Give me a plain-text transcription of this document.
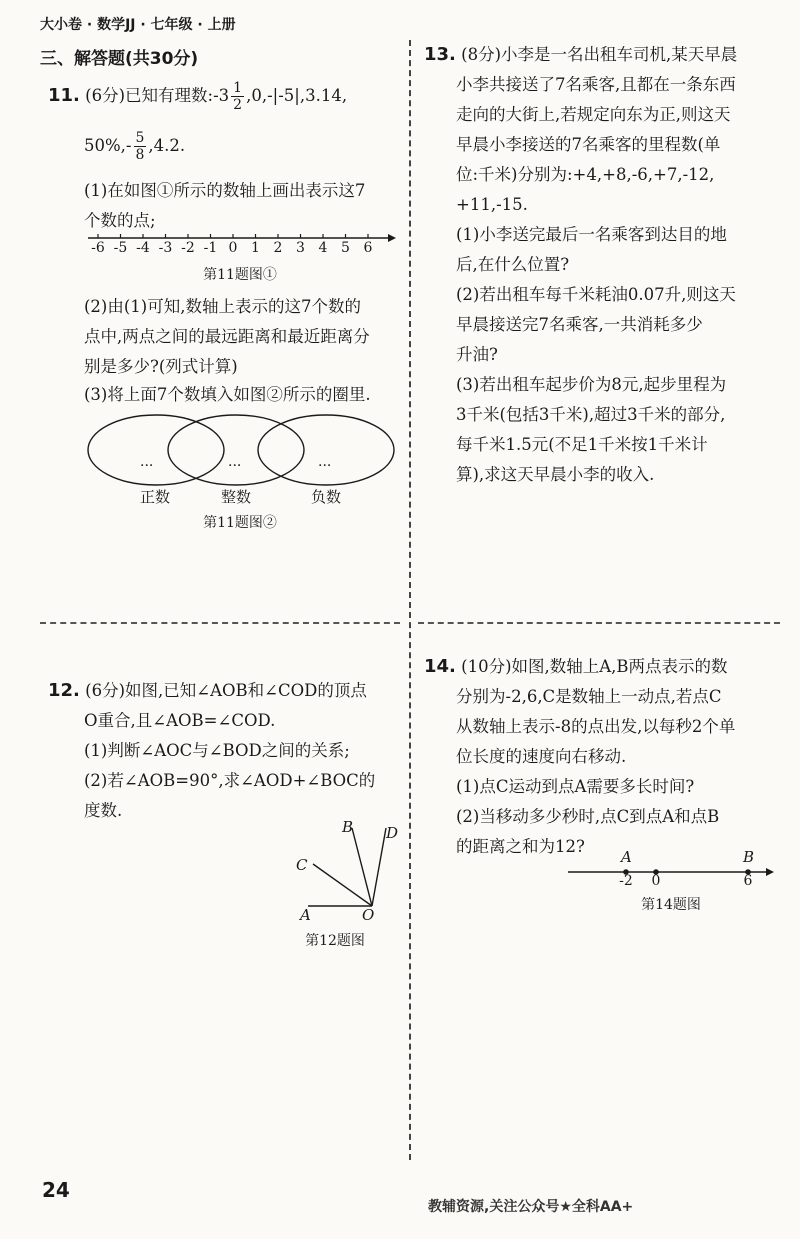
大小卷 · 数学JJ · 七年级 · 上册
三、解答题(共30分)
11. (6分)已知有理数:-3 $\frac{1}{2} ,0,-|-5|,3.14$,
$50\%,- \frac{5}{8} ,4.2$.
(1)在如图①所示的数轴上画出表示这7
个数的点;
-6 -5 -4 -3 -2 -1 0 1 2 3 4 5 6
第11题图①
(2)由(1)可知,数轴上表示的这7个数的
点中,两点之间的最远距离和最近距离分
别是多少?(列式计算)
(3)将上面7个数填入如图②所示的圈里.
...	...	...
正数	整数	负数
第11题图②
12. (6分)如图,已知∠AOB和∠COD的顶点
O重合,且∠AOB=∠COD.
(1)判断∠AOC与∠BOD之间的关系;
(2)若∠AOB=90°,求∠AOD+∠BOC的
度数.
A	O
B D
C
第12题图
13. (8分)小李是一名出租车司机,某天早晨
小李共接送了7名乘客,且都在一条东西
走向的大街上,若规定向东为正,则这天
早晨小李接送的7名乘客的里程数(单
位:千米)分别为:+4,+8,-6,+7,-12,
+11,-15.
(1)小李送完最后一名乘客到达目的地
后,在什么位置?
(2)若出租车每千米耗油0.07升,则这天
早晨接送完7名乘客,一共消耗多少
升油?
(3)若出租车起步价为8元,起步里程为
3千米(包括3千米),超过3千米的部分,
每千米1.5元(不足1千米按1千米计
算),求这天早晨小李的收入.
14. (10分)如图,数轴上A,B两点表示的数
分别为-2,6,C是数轴上一动点,若点C
从数轴上表示-8的点出发,以每秒2个单
位长度的速度向右移动.
(1)点C运动到点A需要多长时间?
(2)当移动多少秒时,点C到点A和点B
的距离之和为12?
A	B
-2	0	6
第14题图
24
教辅资源,关注公众号★全科AA+
